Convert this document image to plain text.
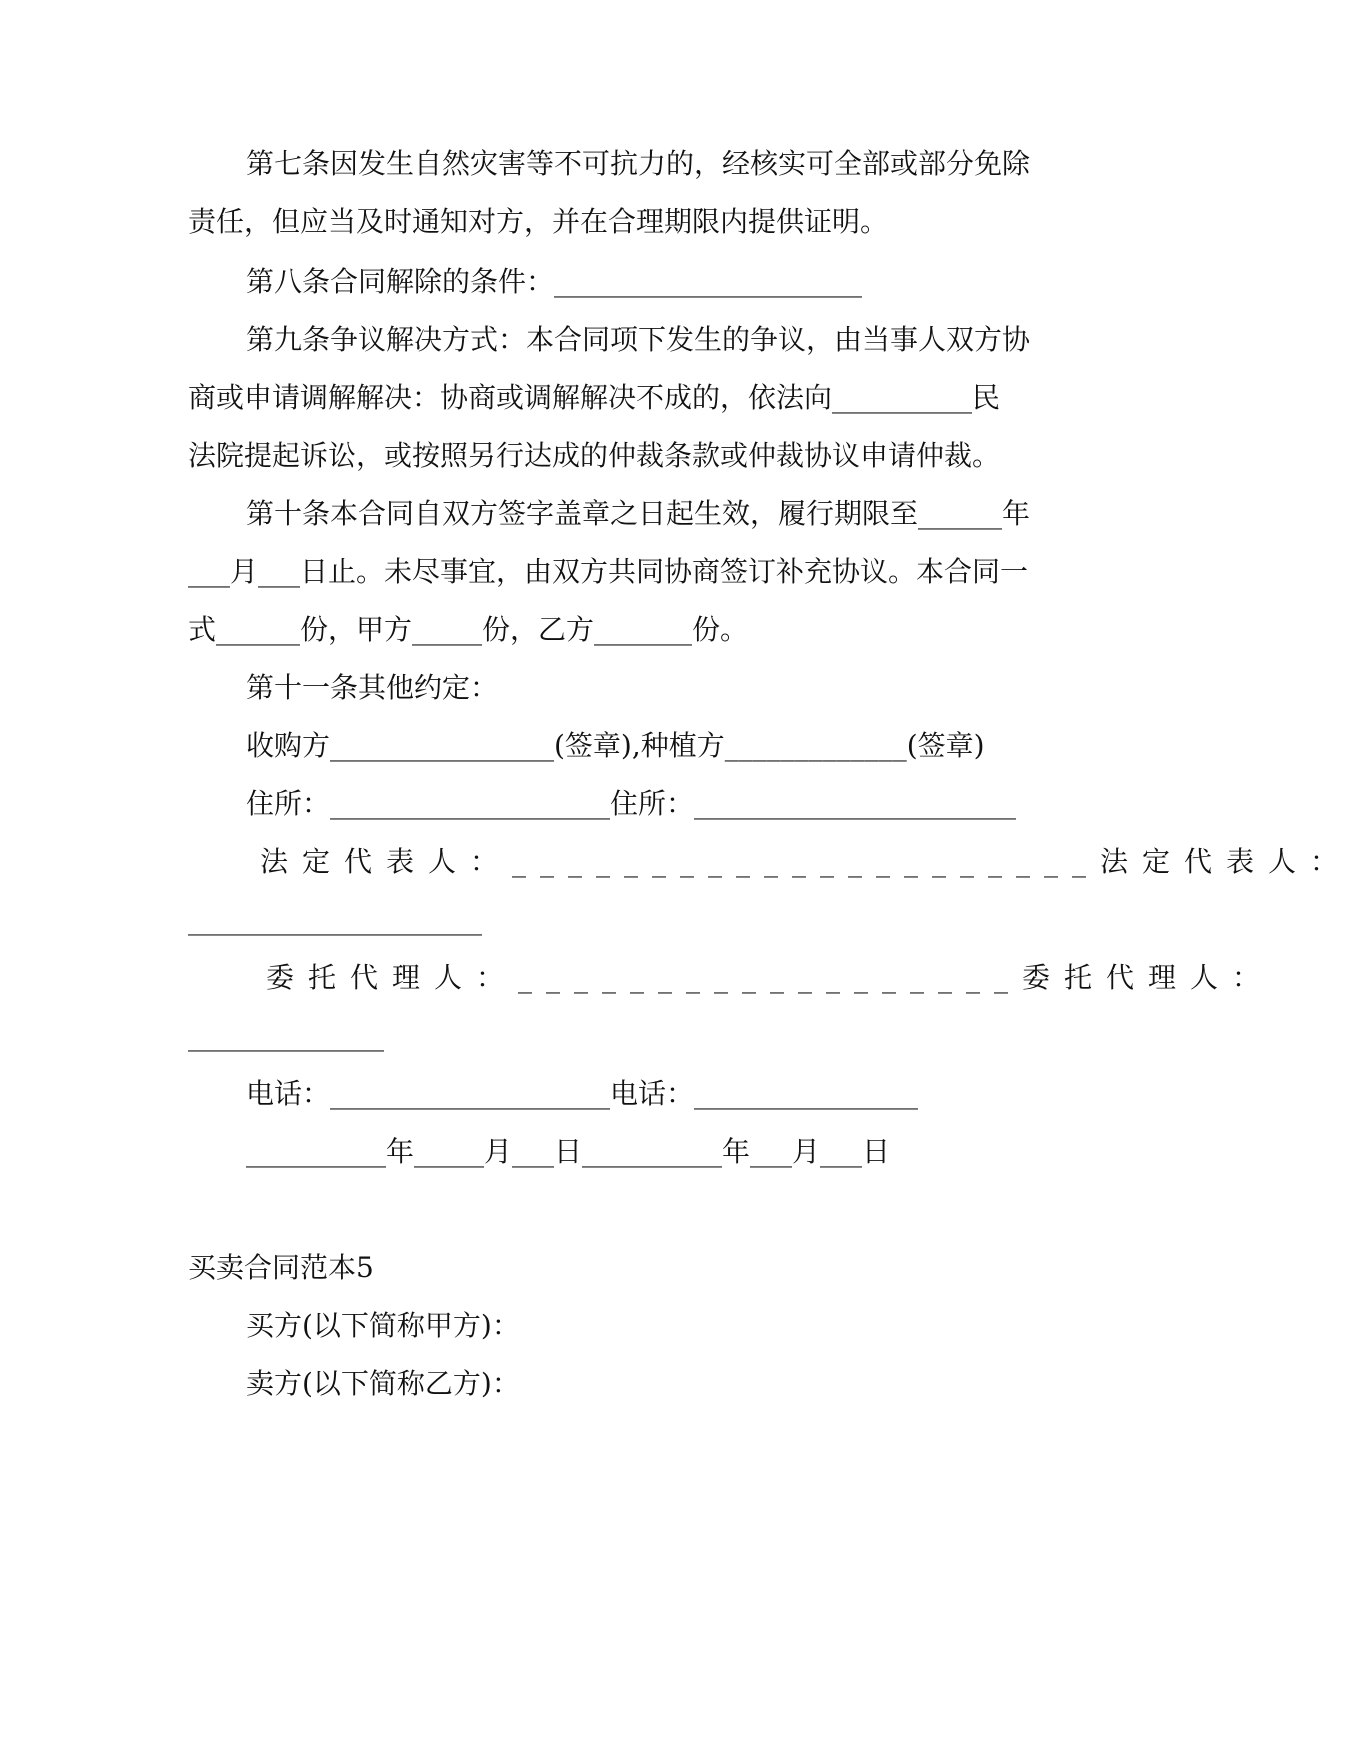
第七条因发生自然灾害等不可抗力的，经核实可全部或部分免除
责任，但应当及时通知对方，并在合理期限内提供证明。
第八条合同解除的条件：______________________
第九条争议解决方式：本合同项下发生的争议，由当事人双方协
商或申请调解解决：协商或调解解决不成的，依法向__________民
法院提起诉讼，或按照另行达成的仲裁条款或仲裁协议申请仲裁。
第十条本合同自双方签字盖章之日起生效，履行期限至______年
___月___日止。未尽事宜，由双方共同协商签订补充协议。本合同一
式______份，甲方_____份，乙方_______份。
第十一条其他约定：
收购方________________(签章),种植方_____________(签章)
住所：____________________住所：_______________________
法定代表人：_____________________法定代表人：
_____________________
委托代理人：__________________委托代理人：
______________
电话：____________________电话：________________
__________年_____月___日__________年___月___日
买卖合同范本5
买方(以下简称甲方)：
卖方(以下简称乙方)：
